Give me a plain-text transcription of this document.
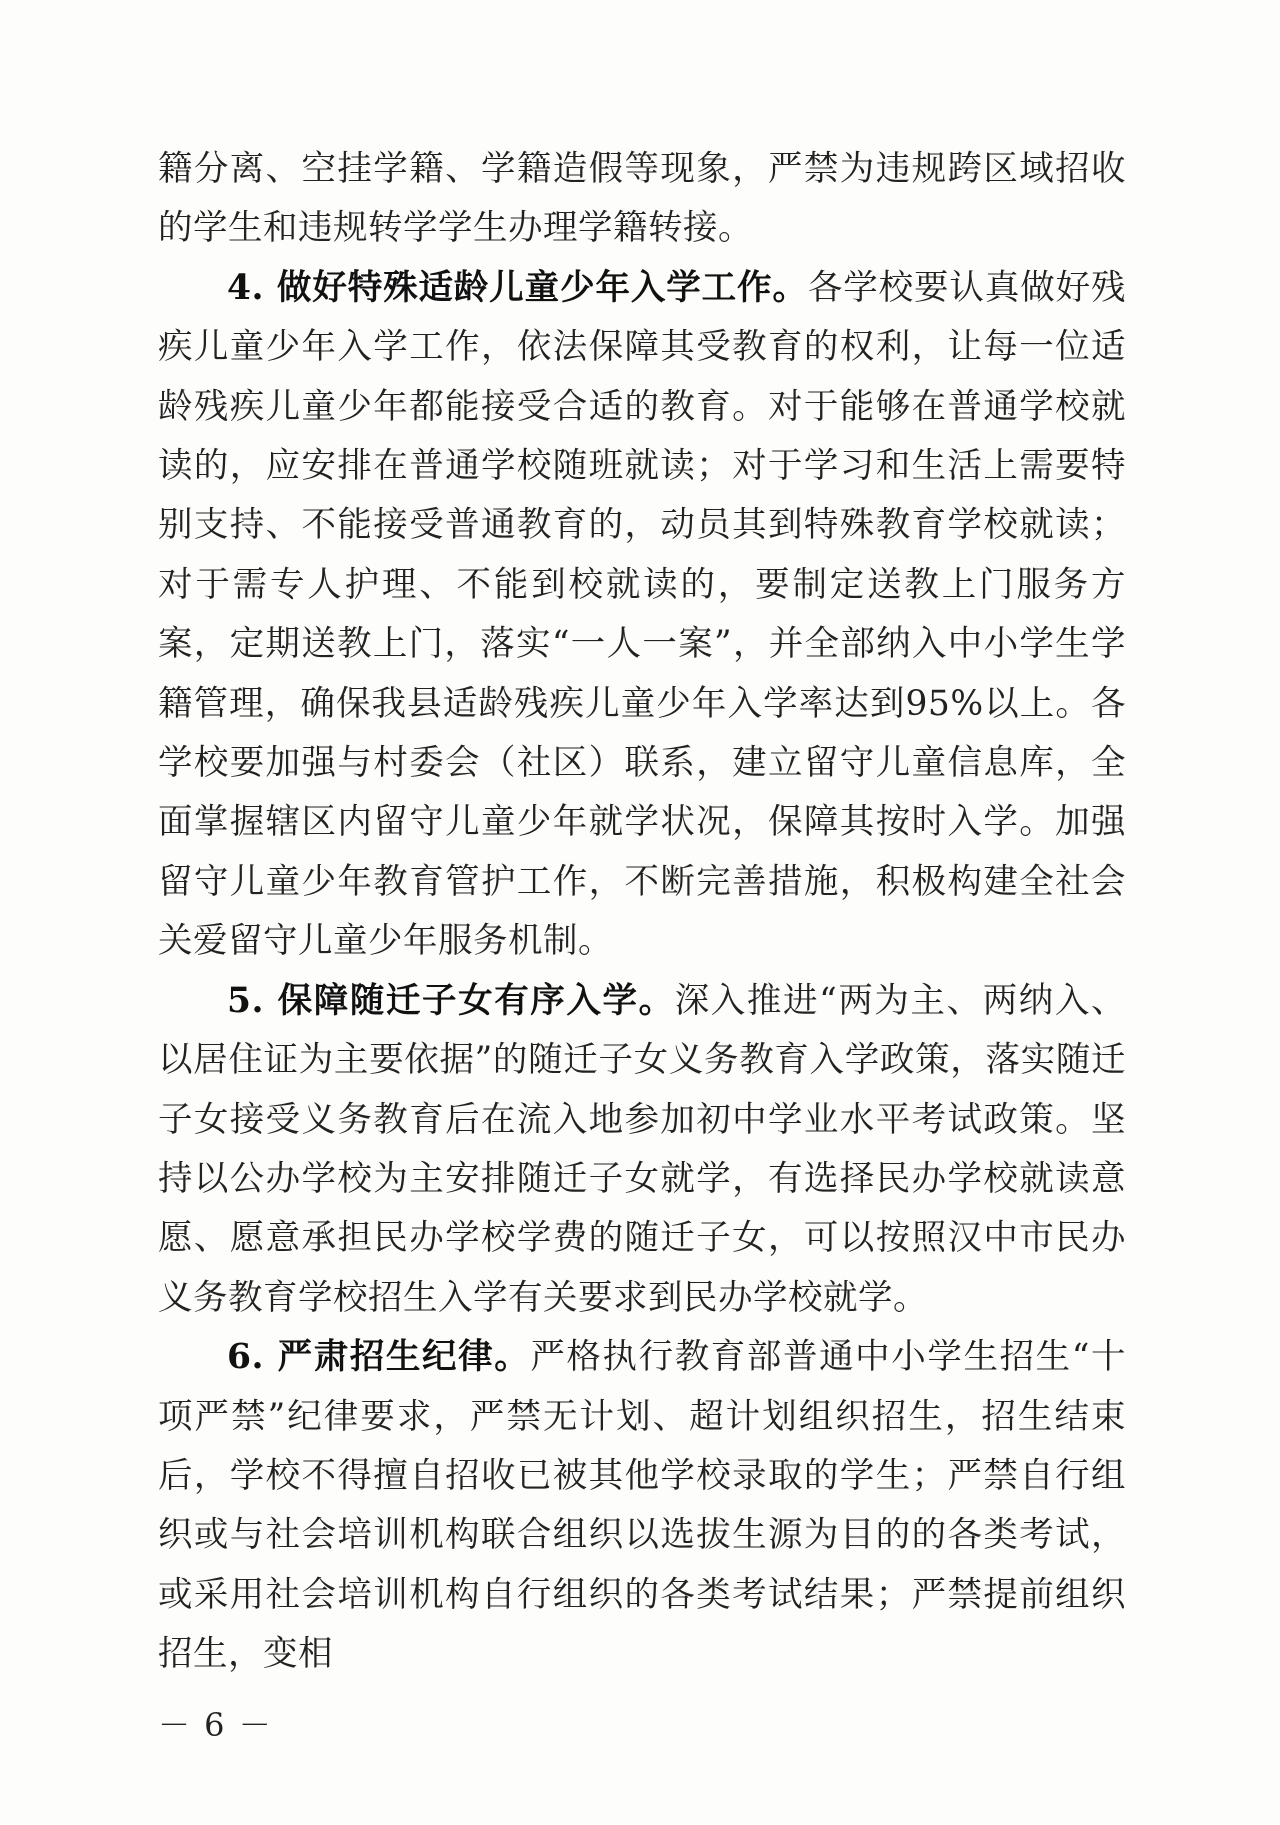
籍分离、空挂学籍、学籍造假等现象，严禁为违规跨区域招收的学生和违规转学学生办理学籍转接。

4. 做好特殊适龄儿童少年入学工作。各学校要认真做好残疾儿童少年入学工作，依法保障其受教育的权利，让每一位适龄残疾儿童少年都能接受合适的教育。对于能够在普通学校就读的，应安排在普通学校随班就读；对于学习和生活上需要特别支持、不能接受普通教育的，动员其到特殊教育学校就读；对于需专人护理、不能到校就读的，要制定送教上门服务方案，定期送教上门，落实“一人一案”，并全部纳入中小学生学籍管理，确保我县适龄残疾儿童少年入学率达到95%以上。各学校要加强与村委会（社区）联系，建立留守儿童信息库，全面掌握辖区内留守儿童少年就学状况，保障其按时入学。加强留守儿童少年教育管护工作，不断完善措施，积极构建全社会关爱留守儿童少年服务机制。

5. 保障随迁子女有序入学。深入推进“两为主、两纳入、以居住证为主要依据”的随迁子女义务教育入学政策，落实随迁子女接受义务教育后在流入地参加初中学业水平考试政策。坚持以公办学校为主安排随迁子女就学，有选择民办学校就读意愿、愿意承担民办学校学费的随迁子女，可以按照汉中市民办义务教育学校招生入学有关要求到民办学校就学。

6. 严肃招生纪律。严格执行教育部普通中小学生招生“十项严禁”纪律要求，严禁无计划、超计划组织招生，招生结束后，学校不得擅自招收已被其他学校录取的学生；严禁自行组织或与社会培训机构联合组织以选拔生源为目的的各类考试，或采用社会培训机构自行组织的各类考试结果；严禁提前组织招生，变相

－ 6 －
